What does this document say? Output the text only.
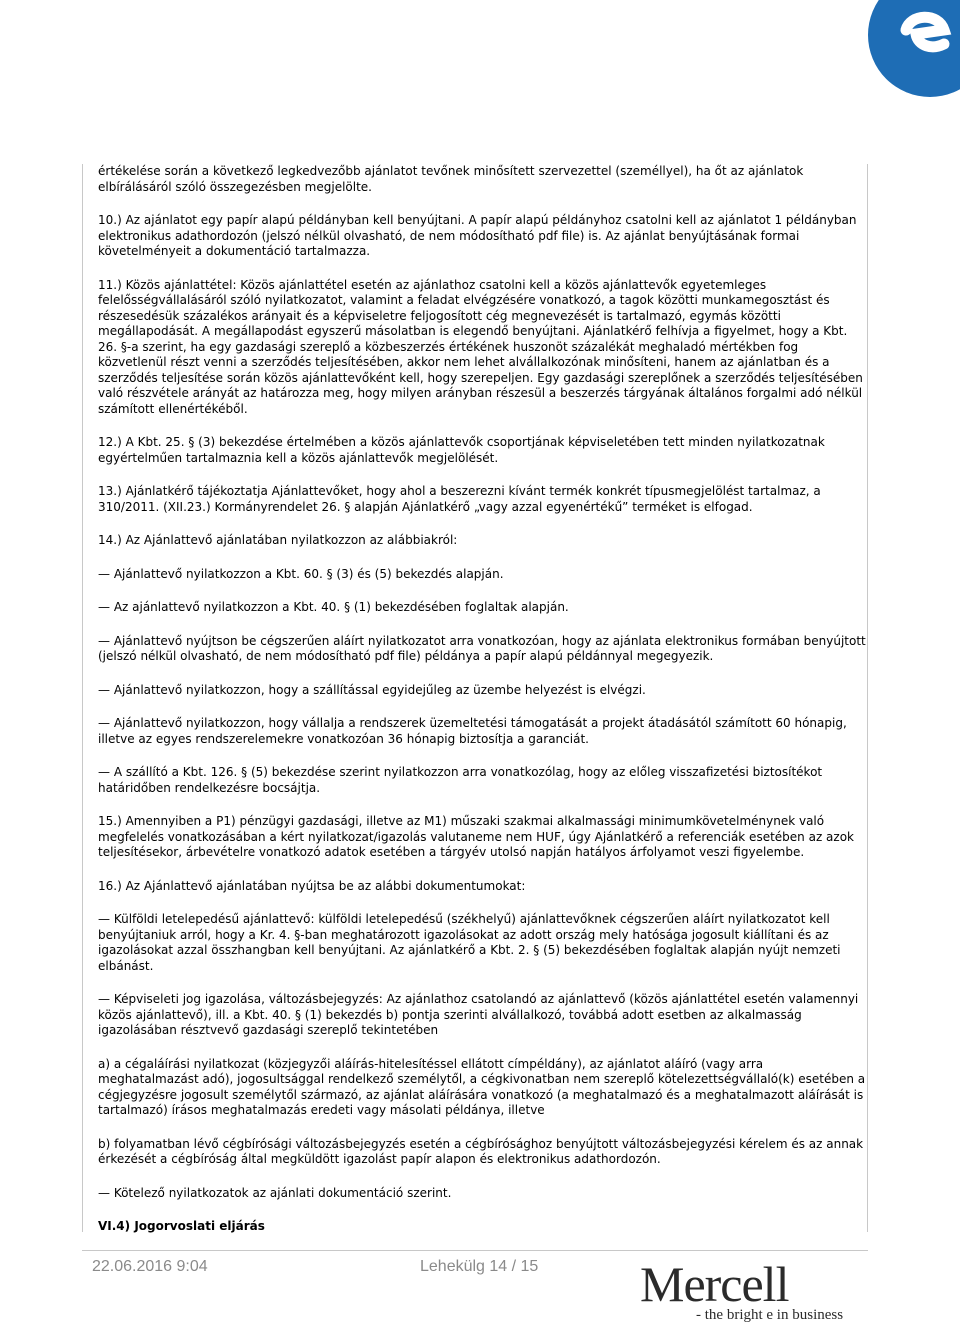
értékelése során a következő legkedvezőbb ajánlatot tevőnek minősített szervezettel (személlyel), ha őt az ajánlatok elbírálásáról szóló összegezésben megjelölte.

10.) Az ajánlatot egy papír alapú példányban kell benyújtani. A papír alapú példányhoz csatolni kell az ajánlatot 1 példányban elektronikus adathordozón (jelszó nélkül olvasható, de nem módosítható pdf file) is. Az ajánlat benyújtásának formai követelményeit a dokumentáció tartalmazza.

11.) Közös ajánlattétel: Közös ajánlattétel esetén az ajánlathoz csatolni kell a közös ajánlattevők egyetemleges felelősségvállalásáról szóló nyilatkozatot, valamint a feladat elvégzésére vonatkozó, a tagok közötti munkamegosztást és részesedésük százalékos arányait és a képviseletre feljogosított cég megnevezését is tartalmazó, egymás közötti megállapodását. A megállapodást egyszerű másolatban is elegendő benyújtani. Ajánlatkérő felhívja a figyelmet, hogy a Kbt. 26. §-a szerint, ha egy gazdasági szereplő a közbeszerzés értékének huszonöt százalékát meghaladó mértékben fog közvetlenül részt venni a szerződés teljesítésében, akkor nem lehet alvállalkozónak minősíteni, hanem az ajánlatban és a szerződés teljesítése során közös ajánlattevőként kell, hogy szerepeljen. Egy gazdasági szereplőnek a szerződés teljesítésében való részvétele arányát az határozza meg, hogy milyen arányban részesül a beszerzés tárgyának általános forgalmi adó nélkül számított ellenértékéből.

12.) A Kbt. 25. § (3) bekezdése értelmében a közös ajánlattevők csoportjának képviseletében tett minden nyilatkozatnak egyértelműen tartalmaznia kell a közös ajánlattevők megjelölését.

13.) Ajánlatkérő tájékoztatja Ajánlattevőket, hogy ahol a beszerezni kívánt termék konkrét típusmegjelölést tartalmaz, a 310/2011. (XII.23.) Kormányrendelet 26. § alapján Ajánlatkérő „vagy azzal egyenértékű” terméket is elfogad.

14.) Az Ajánlattevő ajánlatában nyilatkozzon az alábbiakról:

— Ajánlattevő nyilatkozzon a Kbt. 60. § (3) és (5) bekezdés alapján.

— Az ajánlattevő nyilatkozzon a Kbt. 40. § (1) bekezdésében foglaltak alapján.

— Ajánlattevő nyújtson be cégszerűen aláírt nyilatkozatot arra vonatkozóan, hogy az ajánlata elektronikus formában benyújtott (jelszó nélkül olvasható, de nem módosítható pdf file) példánya a papír alapú példánnyal megegyezik.

— Ajánlattevő nyilatkozzon, hogy a szállítással egyidejűleg az üzembe helyezést is elvégzi.

— Ajánlattevő nyilatkozzon, hogy vállalja a rendszerek üzemeltetési támogatását a projekt átadásától számított 60 hónapig, illetve az egyes rendszerelemekre vonatkozóan 36 hónapig biztosítja a garanciát.

— A szállító a Kbt. 126. § (5) bekezdése szerint nyilatkozzon arra vonatkozólag, hogy az előleg visszafizetési biztosítékot határidőben rendelkezésre bocsájtja.

15.) Amennyiben a P1) pénzügyi gazdasági, illetve az M1) műszaki szakmai alkalmassági minimumkövetelménynek való megfelelés vonatkozásában a kért nyilatkozat/igazolás valutaneme nem HUF, úgy Ajánlatkérő a referenciák esetében az azok teljesítésekor, árbevételre vonatkozó adatok esetében a tárgyév utolsó napján hatályos árfolyamot veszi figyelembe.

16.) Az Ajánlattevő ajánlatában nyújtsa be az alábbi dokumentumokat:

— Külföldi letelepedésű ajánlattevő: külföldi letelepedésű (székhelyű) ajánlattevőknek cégszerűen aláírt nyilatkozatot kell benyújtaniuk arról, hogy a Kr. 4. §-ban meghatározott igazolásokat az adott ország mely hatósága jogosult kiállítani és az igazolásokat azzal összhangban kell benyújtani. Az ajánlatkérő a Kbt. 2. § (5) bekezdésében foglaltak alapján nyújt nemzeti elbánást.

— Képviseleti jog igazolása, változásbejegyzés: Az ajánlathoz csatolandó az ajánlattevő (közös ajánlattétel esetén valamennyi közös ajánlattevő), ill. a Kbt. 40. § (1) bekezdés b) pontja szerinti alvállalkozó, továbbá adott esetben az alkalmasság igazolásában résztvevő gazdasági szereplő tekintetében

a) a cégaláírási nyilatkozat (közjegyzői aláírás-hitelesítéssel ellátott címpéldány), az ajánlatot aláíró (vagy arra meghatalmazást adó), jogosultsággal rendelkező személytől, a cégkivonatban nem szereplő kötelezettségvállaló(k) esetében a cégjegyzésre jogosult személytől származó, az ajánlat aláírására vonatkozó (a meghatalmazó és a meghatalmazott aláírását is tartalmazó) írásos meghatalmazás eredeti vagy másolati példánya, illetve

b) folyamatban lévő cégbírósági változásbejegyzés esetén a cégbírósághoz benyújtott változásbejegyzési kérelem és az annak érkezését a cégbíróság által megküldött igazolást papír alapon és elektronikus adathordozón.

— Kötelező nyilatkozatok az ajánlati dokumentáció szerint.

VI.4) Jogorvoslati eljárás

22.06.2016 9:04	Lehekülg 14 / 15 Mercell
- the bright e in business
